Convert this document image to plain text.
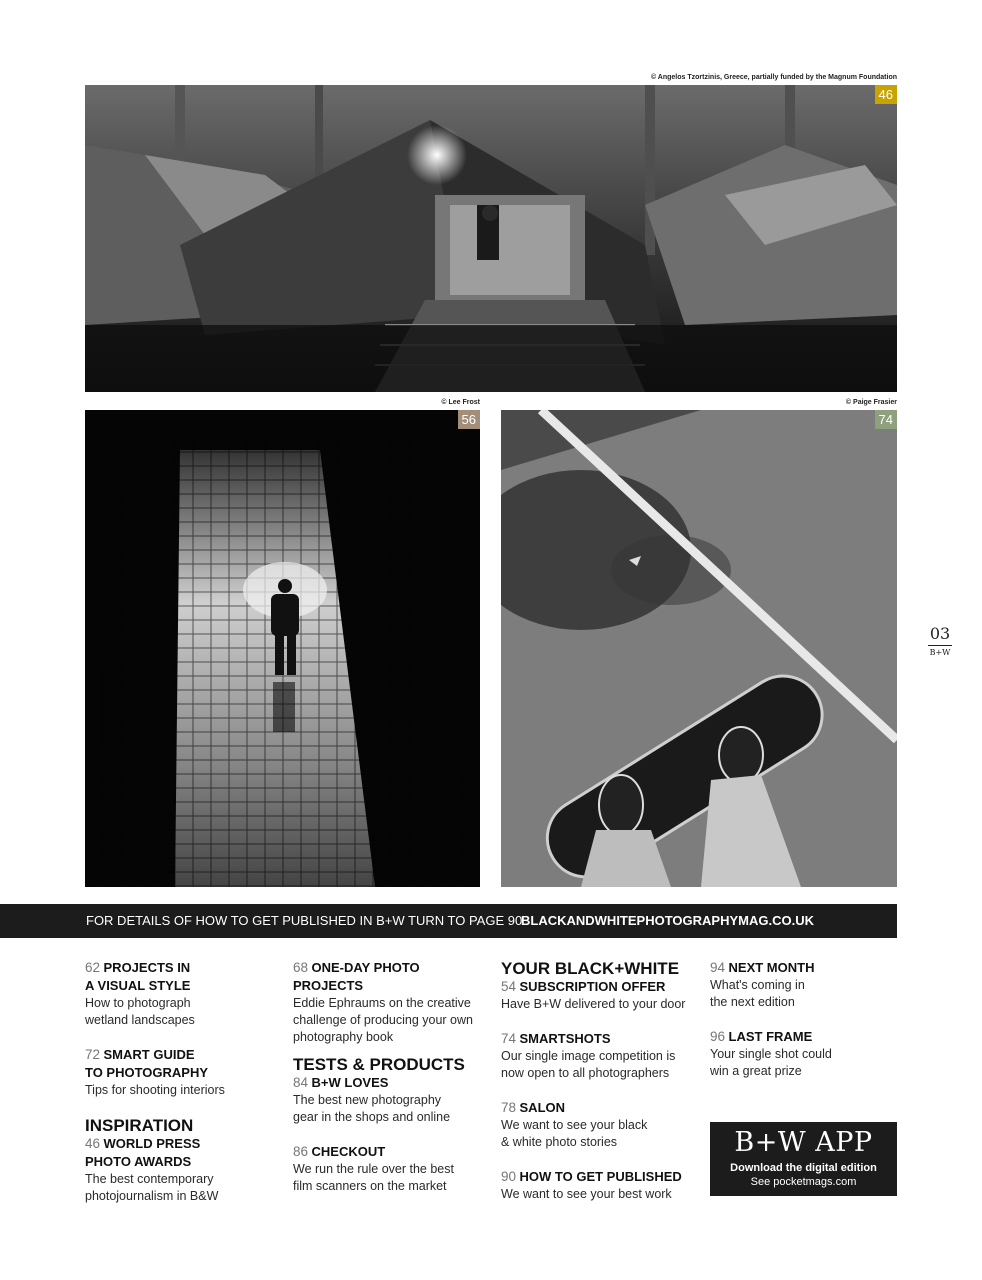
© Angelos Tzortzinis, Greece, partially funded by the Magnum Foundation
© Lee Frost	© Paige Frasier
46
56	74
03
B+W
FOR DETAILS OF HOW TO GET PUBLISHED IN B+W TURN TO PAGE 90
BLACKANDWHITEPHOTOGRAPHYMAG.CO.UK
62 PROJECTS IN
A VISUAL STYLE
How to photograph
wetland landscapes
72 SMART GUIDE
TO PHOTOGRAPHY
Tips for shooting interiors
INSPIRATION
46 WORLD PRESS
PHOTO AWARDS
The best contemporary
photojournalism in B&W
68 ONE-DAY PHOTO
PROJECTS
Eddie Ephraums on the creative
challenge of producing your own
photography book
TESTS & PRODUCTS
84 B+W LOVES
The best new photography
gear in the shops and online
86 CHECKOUT
We run the rule over the best
film scanners on the market
YOUR BLACK+WHITE
54 SUBSCRIPTION OFFER
Have B+W delivered to your door
74 SMARTSHOTS
Our single image competition is
now open to all photographers
78 SALON
We want to see your black
& white photo stories
90 HOW TO GET PUBLISHED
We want to see your best work
94 NEXT MONTH
What's coming in
the next edition
96 LAST FRAME
Your single shot could
win a great prize
B+W APP
Download the digital edition
See pocketmags.com
